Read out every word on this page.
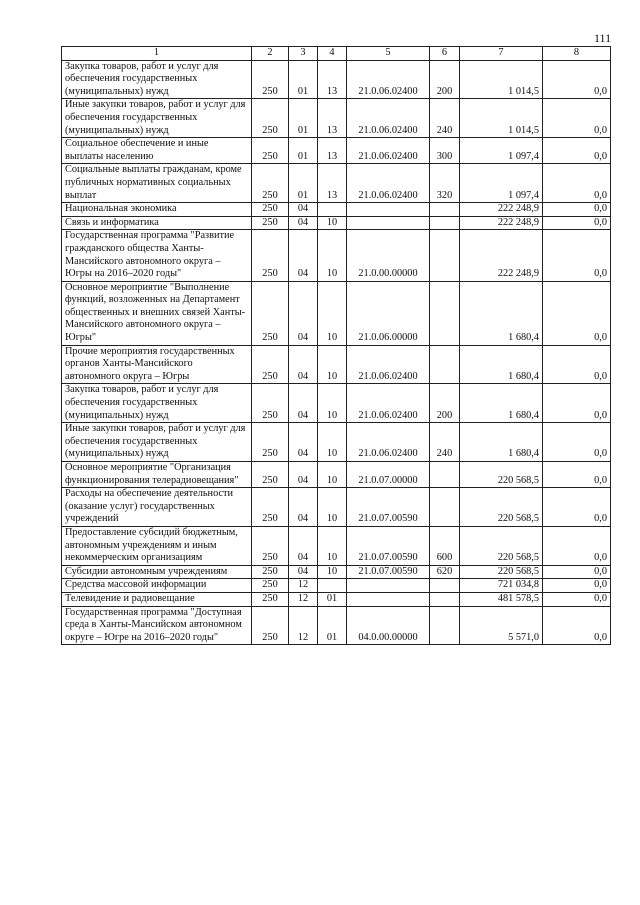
111
1	2	3	4	5	6	7	8
Закупка товаров, работ и услуг для обеспечения государственных (муниципальных) нужд	250	01	13	21.0.06.02400	200	1 014,5	0,0
Иные закупки товаров, работ и услуг для обеспечения государственных (муниципальных) нужд	250	01	13	21.0.06.02400	240	1 014,5	0,0
Социальное обеспечение и иные выплаты населению	250	01	13	21.0.06.02400	300	1 097,4	0,0
Социальные выплаты гражданам, кроме публичных нормативных социальных выплат	250	01	13	21.0.06.02400	320	1 097,4	0,0
Национальная экономика	250	04				222 248,9	0,0
Связь и информатика	250	04	10			222 248,9	0,0
Государственная программа "Развитие гражданского общества Ханты-Мансийского автономного округа – Югры на 2016–2020 годы"	250	04	10	21.0.00.00000		222 248,9	0,0
Основное мероприятие "Выполнение функций, возложенных на Департамент общественных и внешних связей Ханты-Мансийского автономного округа – Югры"	250	04	10	21.0.06.00000		1 680,4	0,0
Прочие мероприятия государственных органов Ханты-Мансийского автономного округа – Югры	250	04	10	21.0.06.02400		1 680,4	0,0
Закупка товаров, работ и услуг для обеспечения государственных (муниципальных) нужд	250	04	10	21.0.06.02400	200	1 680,4	0,0
Иные закупки товаров, работ и услуг для обеспечения государственных (муниципальных) нужд	250	04	10	21.0.06.02400	240	1 680,4	0,0
Основное мероприятие "Организация функционирования телерадиовещания"	250	04	10	21.0.07.00000		220 568,5	0,0
Расходы на обеспечение деятельности (оказание услуг) государственных учреждений	250	04	10	21.0.07.00590		220 568,5	0,0
Предоставление субсидий бюджетным, автономным учреждениям и иным некоммерческим организациям	250	04	10	21.0.07.00590	600	220 568,5	0,0
Субсидии автономным учреждениям	250	04	10	21.0.07.00590	620	220 568,5	0,0
Средства массовой информации	250	12				721 034,8	0,0
Телевидение и радиовещание	250	12	01			481 578,5	0,0
Государственная программа "Доступная среда в Ханты-Мансийском автономном округе – Югре на 2016–2020 годы"	250	12	01	04.0.00.00000		5 571,0	0,0
